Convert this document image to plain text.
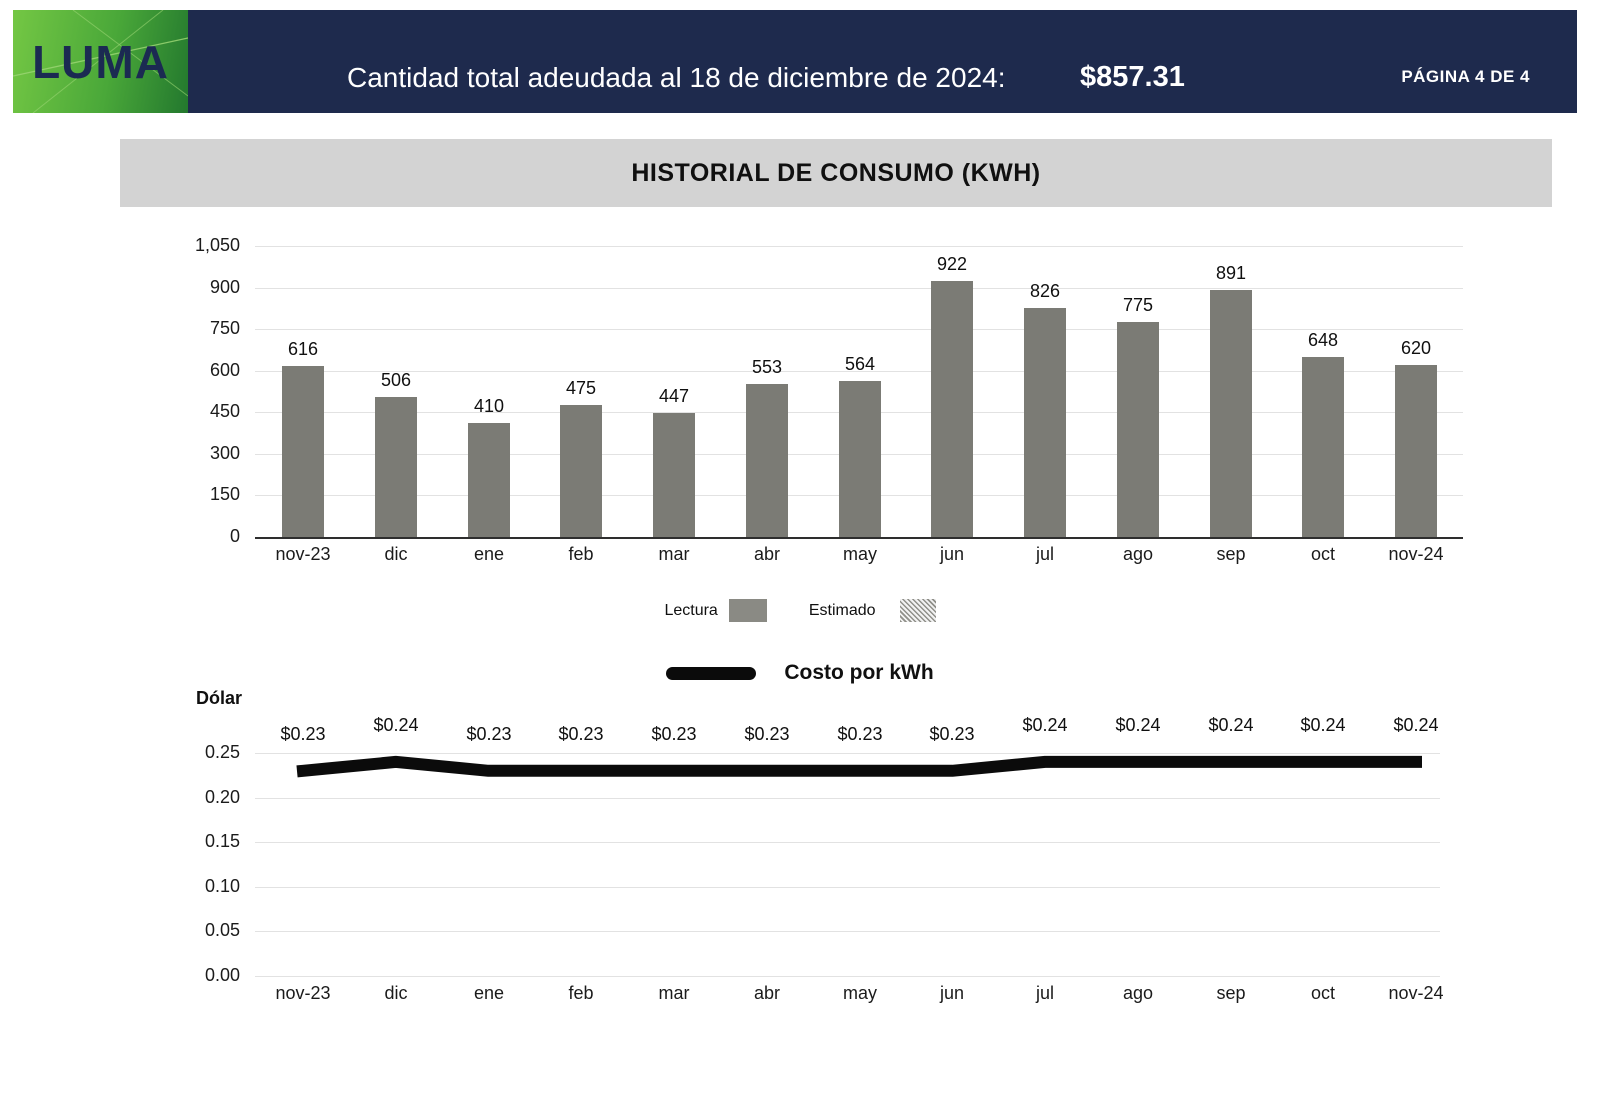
LUMA	Cantidad total adeudada al 18 de diciembre de 2024:	$857.31	PÁGINA 4 DE 4
HISTORIAL DE CONSUMO (KWH)
Lectura	Estimado
Costo por kWh
Dólar
0
150
300
450
600
750
900
1,050
616
nov-23
506
dic
410
ene
475
feb
447
mar
553
abr
564
may
922
jun
826
jul
775
ago
891
sep
648
oct
620
nov-24
0.00
0.05
0.10
0.15
0.20
0.25
$0.23
nov-23
$0.24
dic
$0.23
ene
$0.23
feb
$0.23
mar
$0.23
abr
$0.23
may
$0.23
jun
$0.24
jul
$0.24
ago
$0.24
sep
$0.24
oct
$0.24
nov-24
